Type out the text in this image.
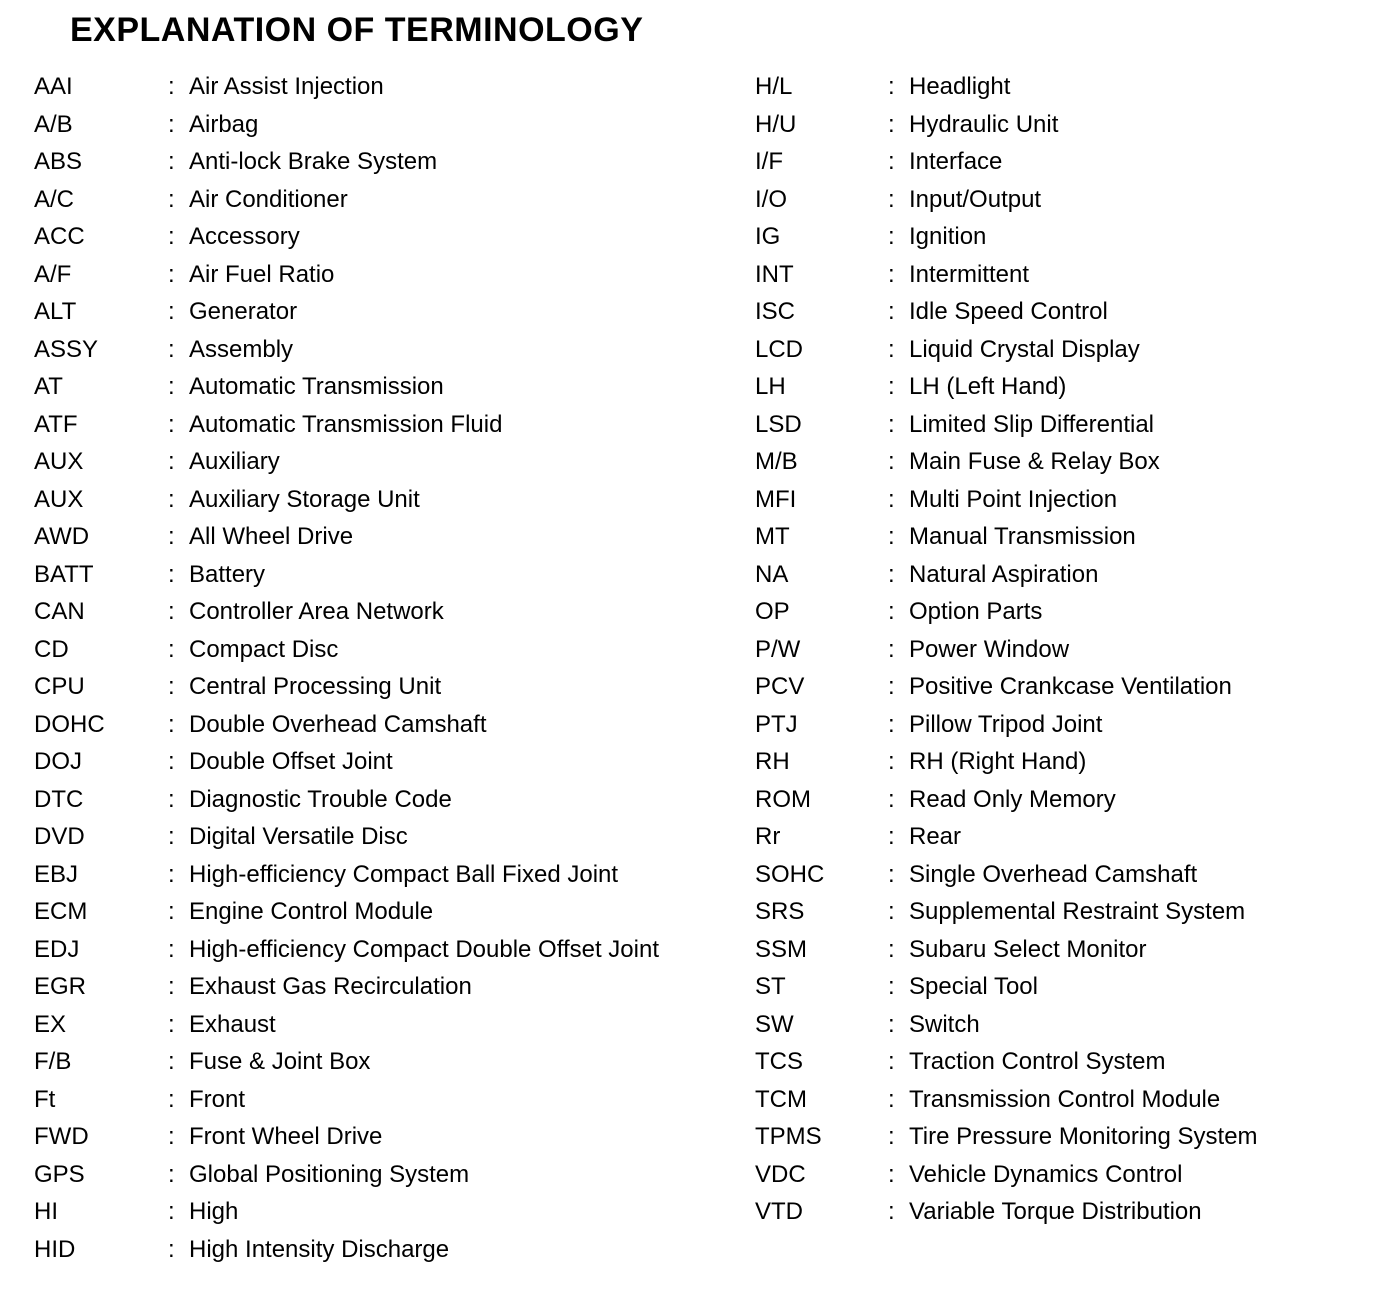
EXPLANATION OF TERMINOLOGY
AAI	: Air Assist Injection
A/B	: Airbag
ABS	: Anti-lock Brake System
A/C	: Air Conditioner
ACC	: Accessory
A/F	: Air Fuel Ratio
ALT	: Generator
ASSY	: Assembly
AT	: Automatic Transmission
ATF	: Automatic Transmission Fluid
AUX	: Auxiliary
AUX	: Auxiliary Storage Unit
AWD	: All Wheel Drive
BATT	: Battery
CAN	: Controller Area Network
CD	: Compact Disc
CPU	: Central Processing Unit
DOHC	: Double Overhead Camshaft
DOJ	: Double Offset Joint
DTC	: Diagnostic Trouble Code
DVD	: Digital Versatile Disc
EBJ	: High-efficiency Compact Ball Fixed Joint
ECM	: Engine Control Module
EDJ	: High-efficiency Compact Double Offset Joint
EGR	: Exhaust Gas Recirculation
EX	: Exhaust
F/B	: Fuse & Joint Box
Ft	: Front
FWD	: Front Wheel Drive
GPS	: Global Positioning System
HI	: High
HID	: High Intensity Discharge
H/L	: Headlight
H/U	: Hydraulic Unit
I/F	: Interface
I/O	: Input/Output
IG	: Ignition
INT	: Intermittent
ISC	: Idle Speed Control
LCD	: Liquid Crystal Display
LH	: LH (Left Hand)
LSD	: Limited Slip Differential
M/B	: Main Fuse & Relay Box
MFI	: Multi Point Injection
MT	: Manual Transmission
NA	: Natural Aspiration
OP	: Option Parts
P/W	: Power Window
PCV	: Positive Crankcase Ventilation
PTJ	: Pillow Tripod Joint
RH	: RH (Right Hand)
ROM	: Read Only Memory
Rr	: Rear
SOHC	: Single Overhead Camshaft
SRS	: Supplemental Restraint System
SSM	: Subaru Select Monitor
ST	: Special Tool
SW	: Switch
TCS	: Traction Control System
TCM	: Transmission Control Module
TPMS	: Tire Pressure Monitoring System
VDC	: Vehicle Dynamics Control
VTD	: Variable Torque Distribution
